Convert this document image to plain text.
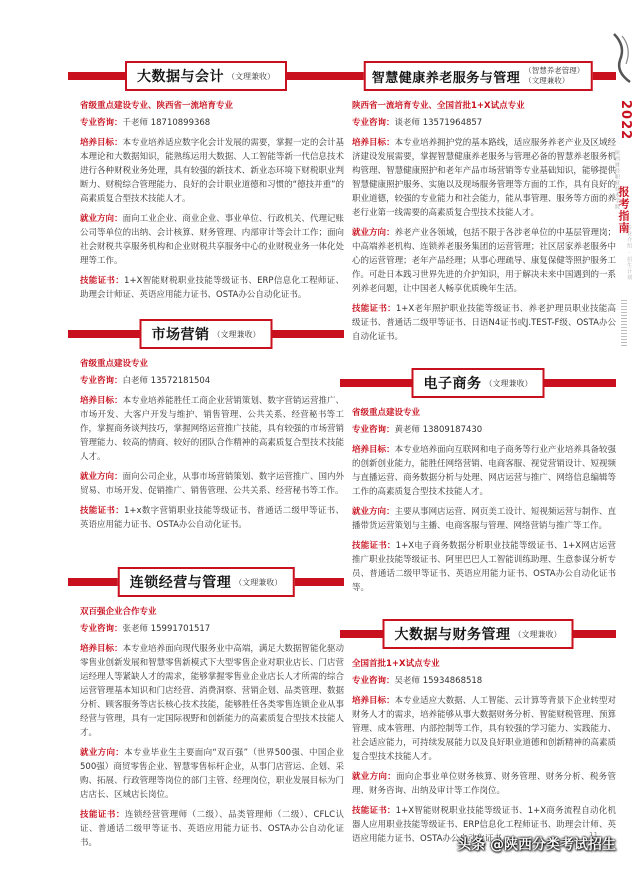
大数据与会计 （文理兼收）
省级重点建设专业、陕西省一流培育专业
专业咨询：千老师 18710899368
培养目标：本专业培养适应数字化会计发展的需要，掌握一定的会计基本理论和大数据知识，能熟练运用大数据、人工智能等新一代信息技术进行各种财税业务处理，具有较强的新技术、新业态环境下财税职业判断力、财税综合管理能力、良好的会计职业道德和习惯的“德技并重”的高素质复合型技术技能人才。
就业方向：面向工业企业、商业企业、事业单位、行政机关、代理记账公司等单位的出纳、会计核算、财务管理、内部审计等会计工作；面向社会财税共享服务机构和企业财税共享服务中心的业财税业务一体化处理等工作。
技能证书：1+X智能财税职业技能等级证书、ERP信息化工程师证、助理会计师证、英语应用能力证书、OSTA办公自动化证书。
市场营销 （文理兼收）
省级重点建设专业
专业咨询：白老师 13572181504
培养目标：本专业培养能胜任工商企业营销策划、数字营销运营推广、市场开发、大客户开发与维护、销售管理、公共关系、经营秘书等工作，掌握商务谈判技巧，掌握网络运营推广技能，具有较强的市场营销管理能力、较高的情商、较好的团队合作精神的高素质复合型技术技能人才。
就业方向：面向公司企业，从事市场营销策划、数字运营推广、国内外贸易、市场开发、促销推广、销售管理、公共关系、经营秘书等工作。
技能证书：1+x数字营销职业技能等级证书、普通话二级甲等证书、英语应用能力证书、OSTA办公自动化证书。
连锁经营与管理 （文理兼收）
双百强企业合作专业
专业咨询：张老师 15991701517
培养目标：本专业培养面向现代服务业中高端，满足大数据智能化驱动零售业创新发展和智慧零售新模式下大型零售企业对职业店长、门店营运经理人等紧缺人才的需求，能够掌握零售业企业店长人才所需的综合运营管理基本知识和门店经营、消费洞察、营销企划、品类管理、数据分析、顾客服务等店长核心技术技能，能够胜任各类零售连锁企业从事经营与管理，具有一定国际视野和创新能力的高素质复合型技术技能人才。
就业方向：本专业毕业生主要面向“双百强”（世界500强、中国企业500强）商贸零售企业、智慧零售标杆企业，从事门店营运、企划、采购、拓展、行政管理等岗位的部门主管、经理岗位，职业发展目标为门店店长、区域店长岗位。
技能证书：连锁经营管理师（二级）、品类管理师（二级）、CFLC认证、普通话二级甲等证书、英语应用能力证书、OSTA办公自动化证书。
智慧健康养老服务与管理 （智慧养老管理）
（文理兼收）
陕西省一流培育专业、全国首批1+X试点专业
专业咨询：谈老师 13571964857
培养目标：本专业培养拥护党的基本路线，适应服务养老产业及区域经济建设发展需要，掌握智慧健康养老服务与管理必备的智慧养老服务机构管理、智慧健康照护和老年产品市场营销等专业基础知识，能够提供智慧健康照护服务、实施以及现场服务管理等方面的工作，具有良好的职业道德，较强的专业能力和社会能力，能从事管理、服务等方面的养老行业第一线需要的高素质复合型技术技能人才。
就业方向：养老产业各领域，包括不限于各涉老单位的中基层管理岗；中高端养老机构、连锁养老服务集团的运营管理；社区居家养老服务中心的运营管理；老年产品经理；从事心理疏导、康复保健等照护服务工作。可赴日本践习世界先进的介护知识，用于解决未来中国遇到的一系列养老问题，让中国老人畅享优质晚年生活。
技能证书：1+X老年照护职业技能等级证书、养老护理员职业技能高级证书、普通话二级甲等证书、日语N4证书或J.TEST-F级、OSTA办公自动化证书。
电子商务 （文理兼收）
省级重点建设专业
专业咨询：黄老师 13809187430
培养目标：本专业培养面向互联网和电子商务等行业产业培养具备较强的创新创业能力，能胜任网络营销、电商客服、视觉营销设计、短视频与直播运营、商务数据分析与处理、网店运营与推广、网络信息编辑等工作的高素质复合型技术技能人才。
就业方向：主要从事网店运营、网页美工设计、短视频运营与制作、直播带货运营策划与主播、电商客服与管理、网络营销与推广等工作。
技能证书：1+X电子商务数据分析职业技能等级证书、1+X网店运营推广职业技能等级证书、阿里巴巴人工智能训练助理、生意参谋分析专员、普通话二级甲等证书、英语应用能力证书、OSTA办公自动化证书等。
大数据与财务管理 （文理兼收）
全国首批1+X试点专业
专业咨询：吴老师 15934868518
培养目标：本专业适应大数据、人工智能、云计算等背景下企业转型对财务人才的需求，培养能够从事大数据财务分析、智能财税管理、预算管理、成本管理、内部控制等工作，具有较强的学习能力、实践能力、社会适应能力，可持续发展能力以及良好职业道德和创新精神的高素质复合型技术技能人才。
就业方向：面向企事业单位财务核算、财务管理、财务分析、税务管理、财务咨询、出纳及审计等工作岗位。
技能证书：1+X智能财税职业技能等级证书、1+X商务流程自动化机器人应用职业技能等级证书、ERP信息化工程师证书、助理会计师、英语应用能力证书、OSTA办公自动化证书。
2022
陕西财经职业技术学院
报考指南
专业介绍 · 招生计划
11
头条 @陕西分类考试招生
